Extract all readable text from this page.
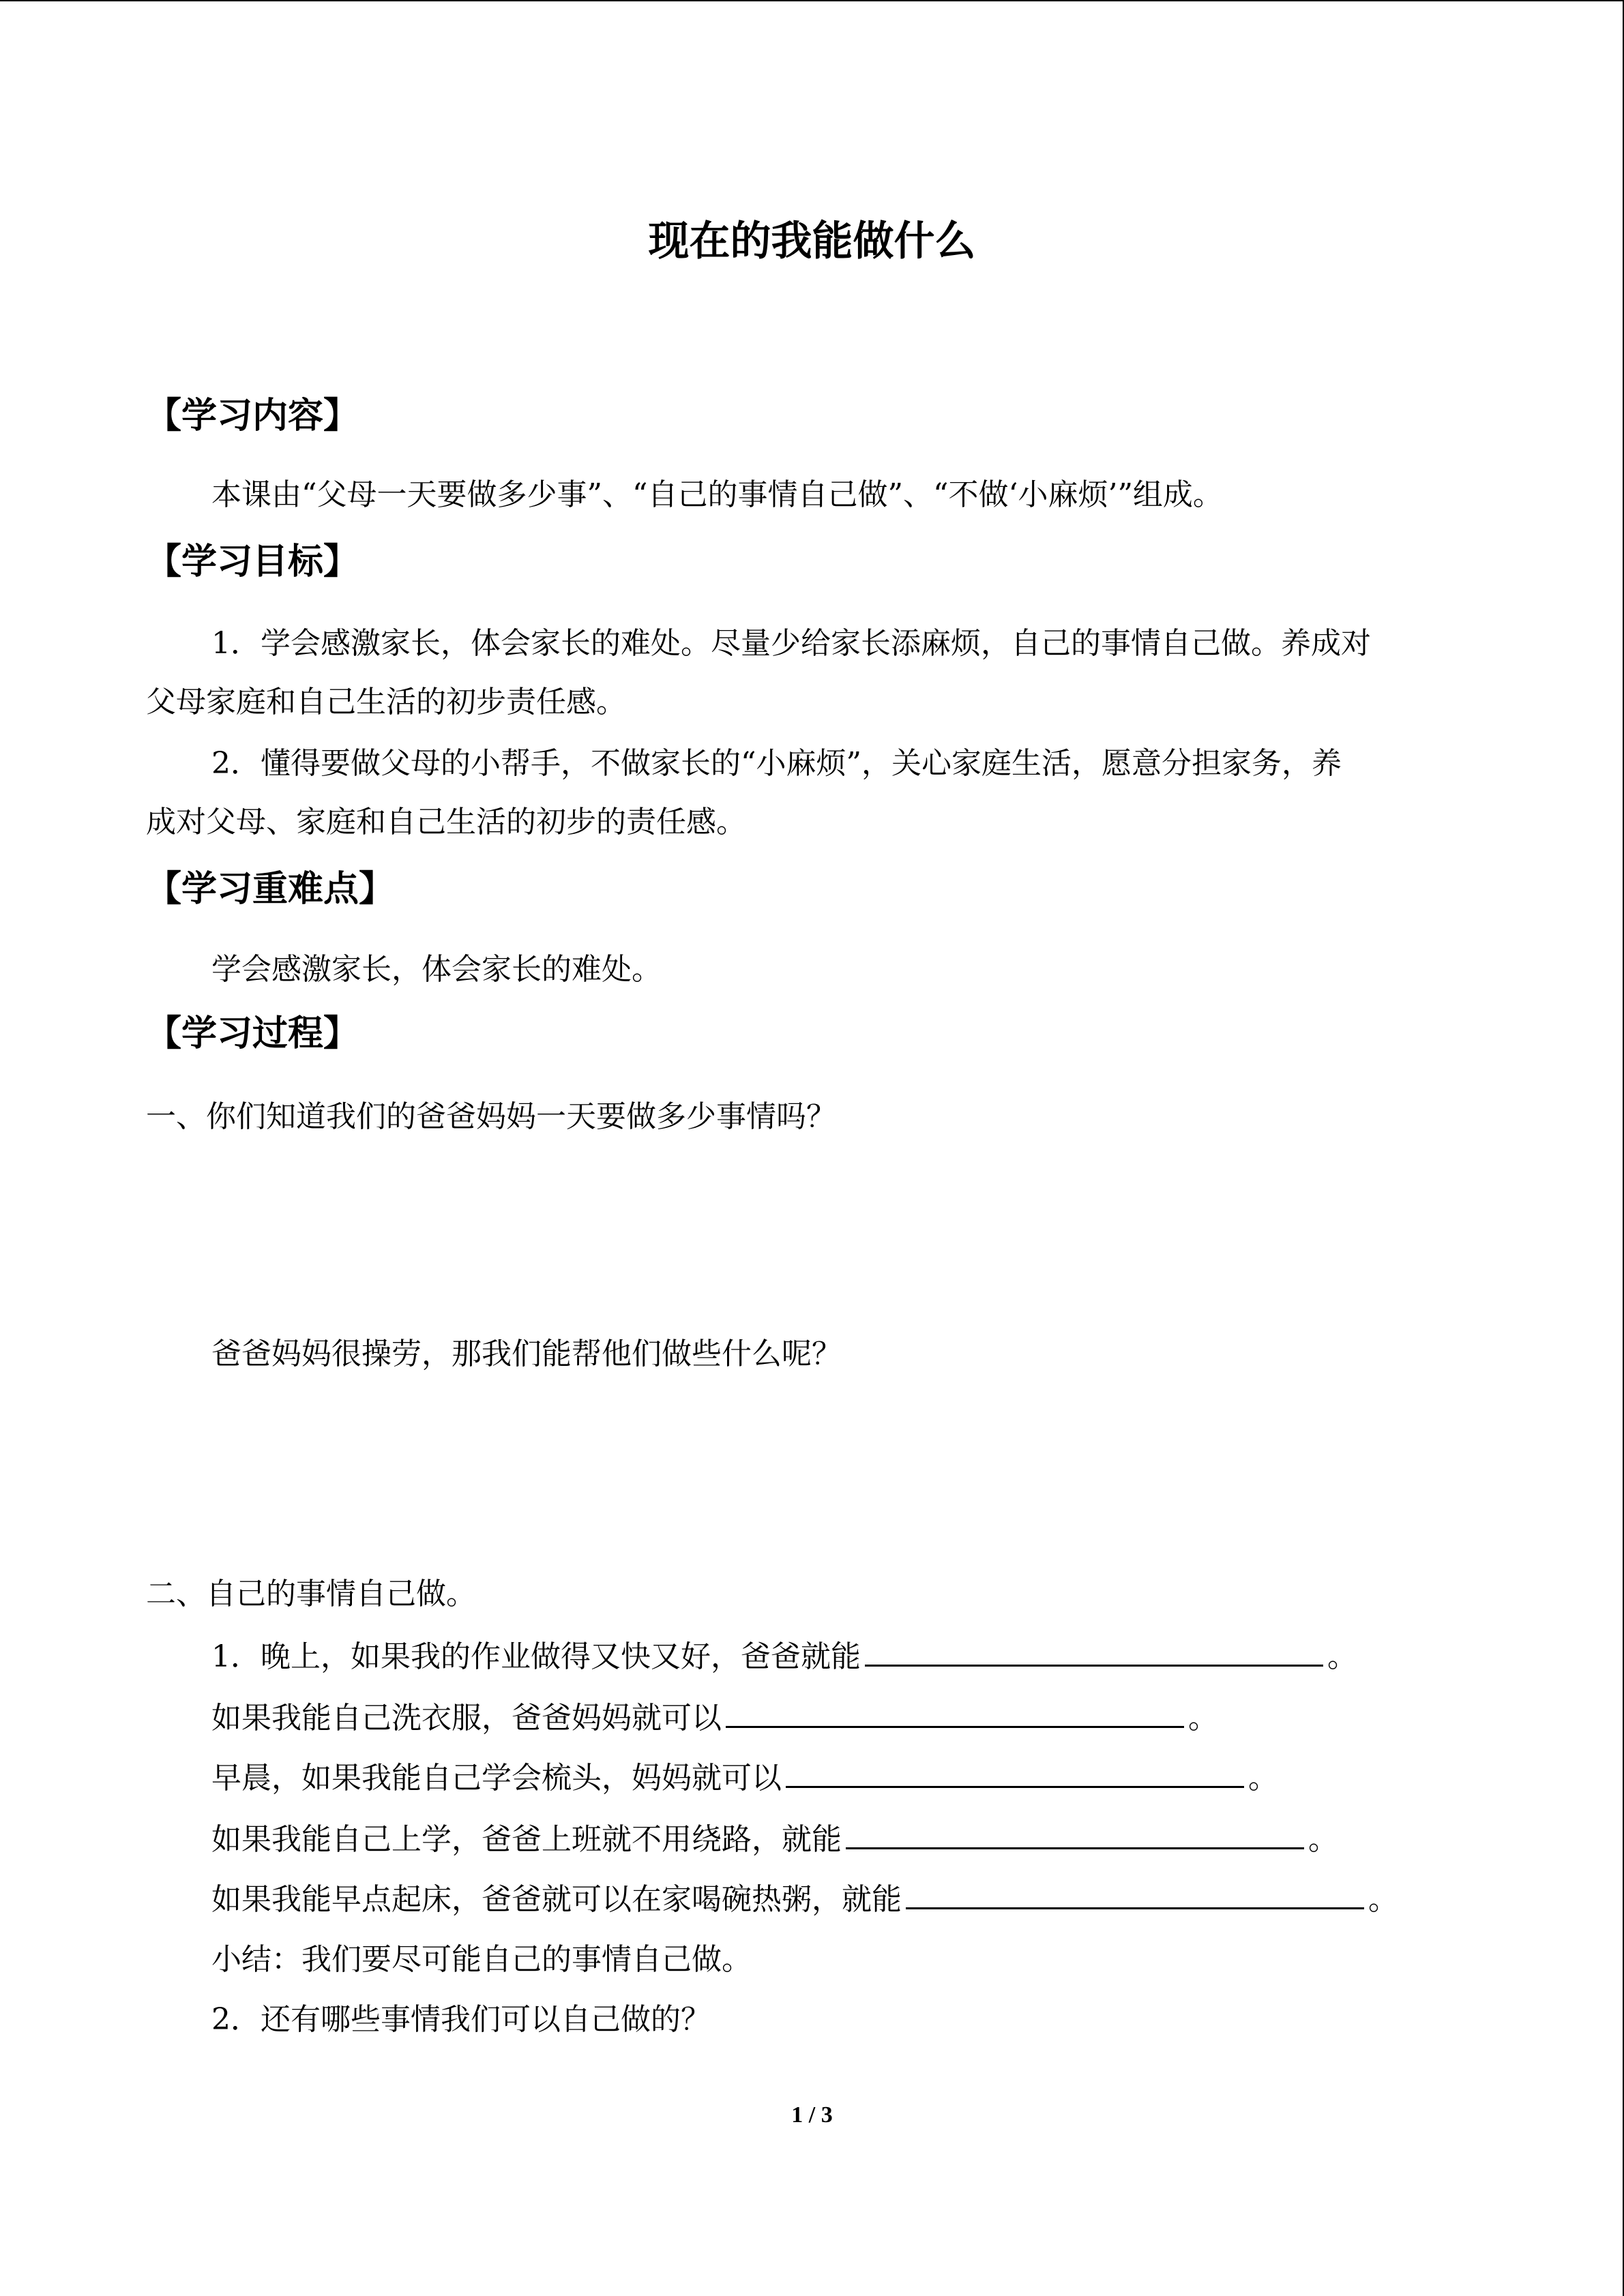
现在的我能做什么
【学习内容】
本课由“父母一天要做多少事”、“自己的事情自己做”、“不做‘小麻烦’”组成。
【学习目标】
1．学会感激家长，体会家长的难处。尽量少给家长添麻烦，自己的事情自己做。养成对
父母家庭和自己生活的初步责任感。
2．懂得要做父母的小帮手，不做家长的“小麻烦”，关心家庭生活，愿意分担家务，养
成对父母、家庭和自己生活的初步的责任感。
【学习重难点】
学会感激家长，体会家长的难处。
【学习过程】
一、你们知道我们的爸爸妈妈一天要做多少事情吗？
爸爸妈妈很操劳，那我们能帮他们做些什么呢？
二、自己的事情自己做。
1．晚上，如果我的作业做得又快又好，爸爸就能	。
如果我能自己洗衣服，爸爸妈妈就可以	。
早晨，如果我能自己学会梳头，妈妈就可以	。
如果我能自己上学，爸爸上班就不用绕路，就能	。
如果我能早点起床，爸爸就可以在家喝碗热粥，就能	。
小结：我们要尽可能自己的事情自己做。
2．还有哪些事情我们可以自己做的？
1 / 3
